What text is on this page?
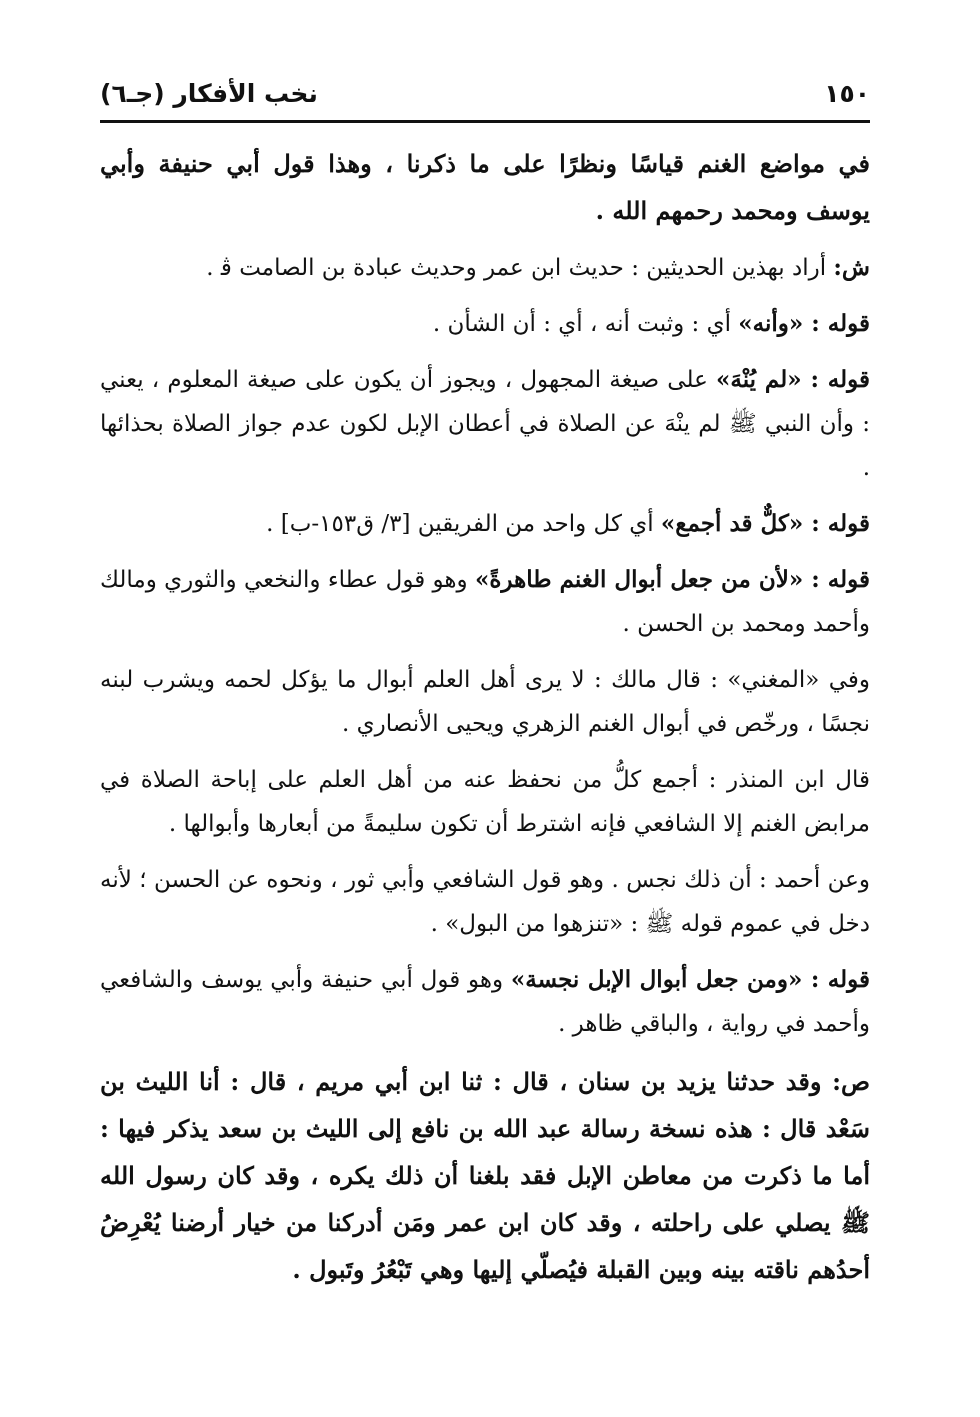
١٥٠
نخب الأفكار (جـ٦)

في مواضع الغنم قياسًا ونظرًا على ما ذكرنا ، وهذا قول أبي حنيفة وأبي يوسف ومحمد رحمهم الله .

ش: أراد بهذين الحديثين : حديث ابن عمر وحديث عبادة بن الصامت ﭬ .

قوله : «وأنه» أي : وثبت أنه ، أي : أن الشأن .

قوله : «لم يُنْهَ» على صيغة المجهول ، ويجوز أن يكون على صيغة المعلوم ، يعني : وأن النبي ﷺ لم ينْهَ عن الصلاة في أعطان الإبل لكون عدم جواز الصلاة بحذائها .

قوله : «كلٌّ قد أجمع» أي كل واحد من الفريقين [٣/ ق١٥٣-ب] .

قوله : «لأن من جعل أبوال الغنم طاهرةً» وهو قول عطاء والنخعي والثوري ومالك وأحمد ومحمد بن الحسن .

وفي «المغني» : قال مالك : لا يرى أهل العلم أبوال ما يؤكل لحمه ويشرب لبنه نجسًا ، ورخّص في أبوال الغنم الزهري ويحيى الأنصاري .

قال ابن المنذر : أجمع كلُّ من نحفظ عنه من أهل العلم على إباحة الصلاة في مرابض الغنم إلا الشافعي فإنه اشترط أن تكون سليمةً من أبعارها وأبوالها .

وعن أحمد : أن ذلك نجس . وهو قول الشافعي وأبي ثور ، ونحوه عن الحسن ؛ لأنه دخل في عموم قوله ﷺ : «تنزهوا من البول» .

قوله : «ومن جعل أبوال الإبل نجسة» وهو قول أبي حنيفة وأبي يوسف والشافعي وأحمد في رواية ، والباقي ظاهر .

ص: وقد حدثنا يزيد بن سنان ، قال : ثنا ابن أبي مريم ، قال : أنا الليث بن سَعْد قال : هذه نسخة رسالة عبد الله بن نافع إلى الليث بن سعد يذكر فيها : أما ما ذكرت من معاطن الإبل فقد بلغنا أن ذلك يكره ، وقد كان رسول الله ﷺ يصلي على راحلته ، وقد كان ابن عمر ومَن أدركنا من خيار أرضنا يُعْرِضُ أحدُهم ناقته بينه وبين القبلة فيُصلّي إليها وهي تَبْعُرُ وتَبول .
